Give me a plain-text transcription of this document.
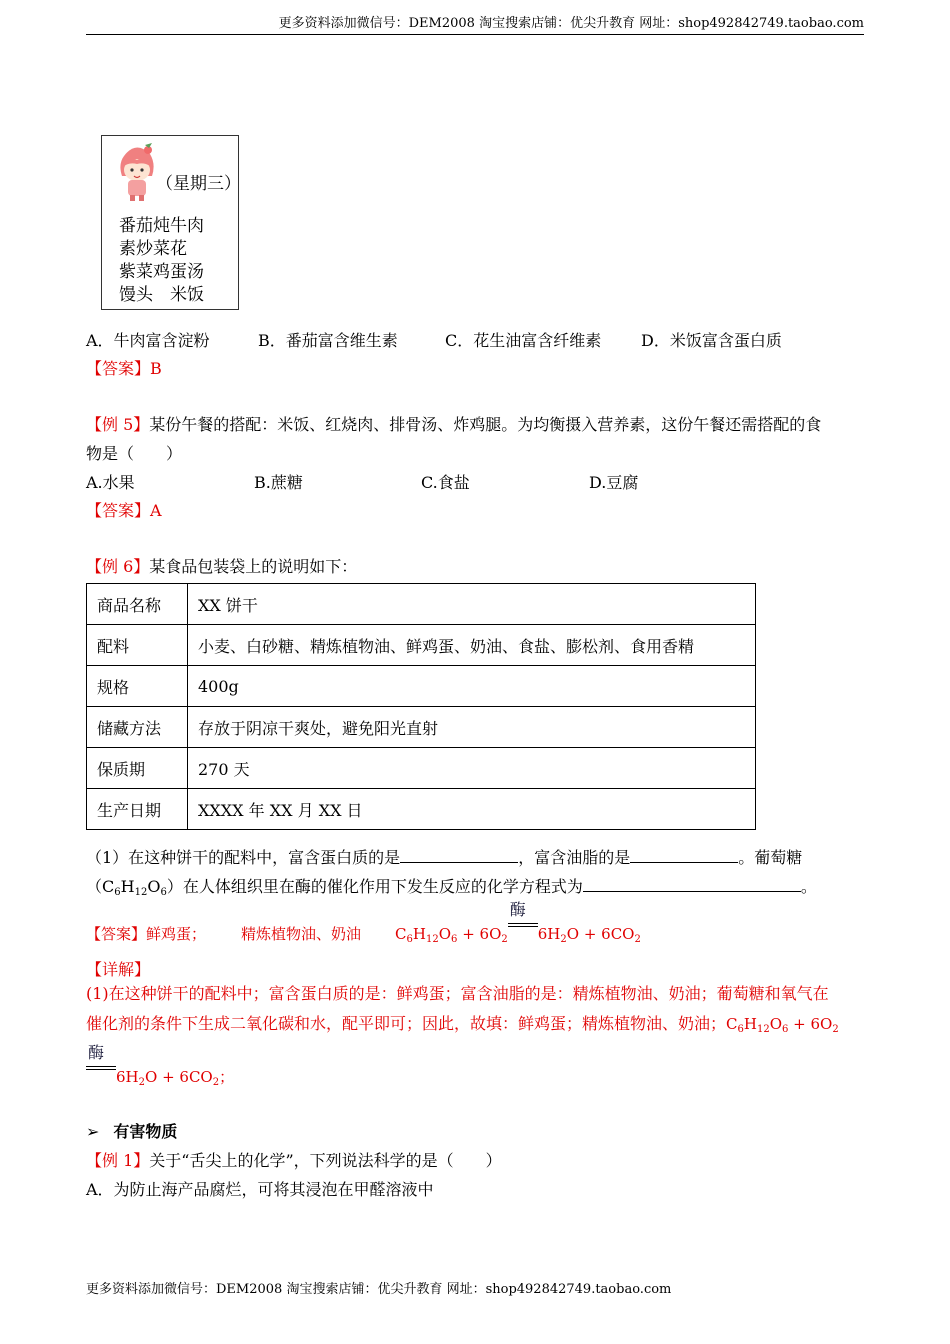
更多资料添加微信号：DEM2008 淘宝搜索店铺：优尖升教育 网址：shop492842749.taobao.com
（星期三）
番茄炖牛肉
素炒菜花
紫菜鸡蛋汤
馒头　米饭
A．牛肉富含淀粉	B．番茄富含维生素	C．花生油富含纤维素 D．米饭富含蛋白质
【答案】B
【例 5】某份午餐的搭配：米饭、红烧肉、排骨汤、炸鸡腿。为均衡摄入营养素，这份午餐还需搭配的食
物是（　　）
A.水果	B.蔗糖	C.食盐	D.豆腐
【答案】A
【例 6】某食品包装袋上的说明如下：
商品名称	XX 饼干
配料	小麦、白砂糖、精炼植物油、鲜鸡蛋、奶油、食盐、膨松剂、食用香精
规格	400g
储藏方法	存放于阴凉干爽处，避免阳光直射
保质期	270 天
生产日期	XXXX 年 XX 月 XX 日
（1）在这种饼干的配料中，富含蛋白质的是	，富含油脂的是	。葡萄糖
$(C_6H_{12}O_6)$在人体组织里在酶的催化作用下发生反应的化学方程式为	。
【答案】鲜鸡蛋； 精炼植物油、奶油 $C_6H_{12}O_6 + 6O_2$
酶
$6H_2O + 6CO_2$
【详解】
(1)在这种饼干的配料中；富含蛋白质的是：鲜鸡蛋；富含油脂的是：精炼植物油、奶油；葡萄糖和氧气在
催化剂的条件下生成二氧化碳和水，配平即可；因此，故填：鲜鸡蛋；精炼植物油、奶油；$C_6H_{12}O_6 + 6O_2$
酶
$6H_2O + 6CO_2$；
➢ 有害物质
【例 1】关于“舌尖上的化学”，下列说法科学的是（　　）
A．为防止海产品腐烂，可将其浸泡在甲醛溶液中
更多资料添加微信号：DEM2008 淘宝搜索店铺：优尖升教育 网址：shop492842749.taobao.com
